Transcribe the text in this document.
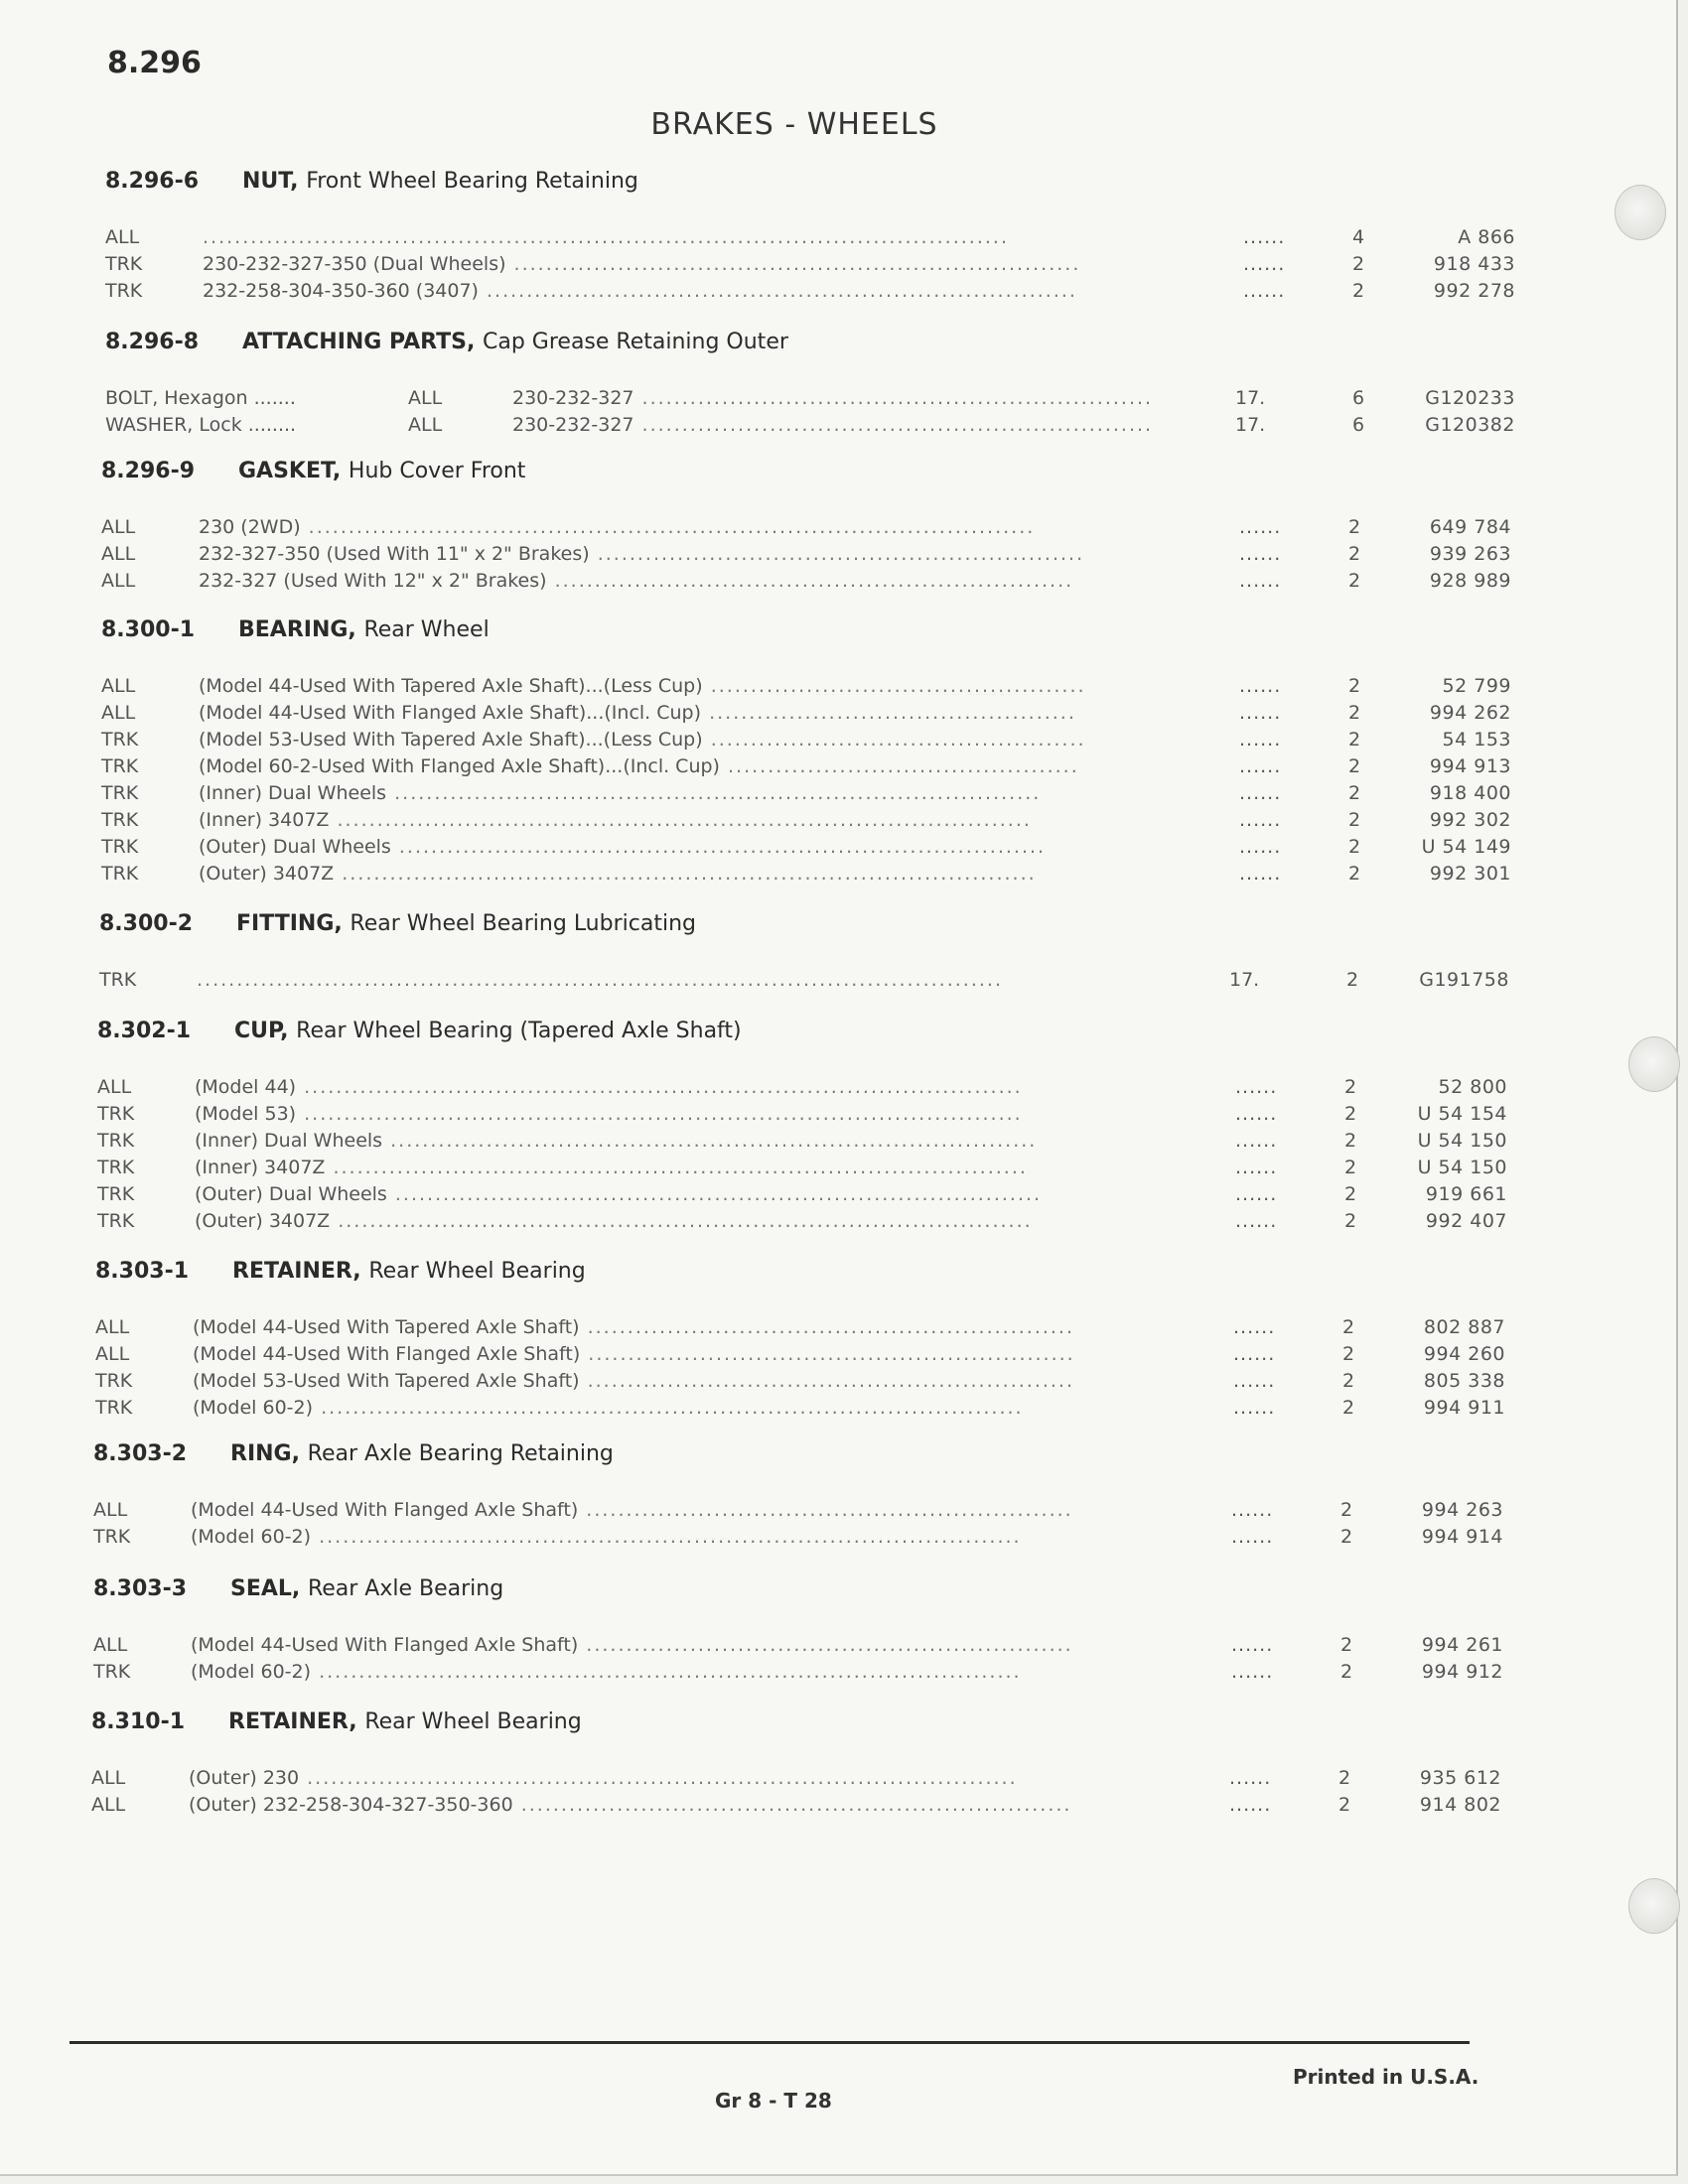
8.296
BRAKES - WHEELS
8.296-6 NUT, Front Wheel Bearing Retaining
ALL	.....................................................................................................	......	4	A 866
TRK	230-232-327-350 (Dual Wheels) .......................................................................	......	2	918 433
TRK	232-258-304-350-360 (3407) ..........................................................................	......	2	992 278
8.296-8 ATTACHING PARTS, Cap Grease Retaining Outer
BOLT, Hexagon .......	ALL	230-232-327 ................................................................	17.	6	G120233
WASHER, Lock ........	ALL	230-232-327 ................................................................	17.	6	G120382
8.296-9 GASKET, Hub Cover Front
ALL	230 (2WD) ...........................................................................................	......	2	649 784
ALL	232-327-350 (Used With 11" x 2" Brakes) .............................................................	......	2	939 263
ALL	232-327 (Used With 12" x 2" Brakes) .................................................................	......	2	928 989
8.300-1 BEARING, Rear Wheel
ALL	(Model 44-Used With Tapered Axle Shaft)...(Less Cup) ...............................................	......	2	52 799
ALL	(Model 44-Used With Flanged Axle Shaft)...(Incl. Cup) ..............................................	......	2	994 262
TRK	(Model 53-Used With Tapered Axle Shaft)...(Less Cup) ...............................................	......	2	54 153
TRK	(Model 60-2-Used With Flanged Axle Shaft)...(Incl. Cup) ............................................	......	2	994 913
TRK	(Inner) Dual Wheels .................................................................................	......	2	918 400
TRK	(Inner) 3407Z .......................................................................................	......	2	992 302
TRK	(Outer) Dual Wheels .................................................................................	......	2	U 54 149
TRK	(Outer) 3407Z .......................................................................................	......	2	992 301
8.300-2 FITTING, Rear Wheel Bearing Lubricating
TRK	.....................................................................................................	17.	2	G191758
8.302-1 CUP, Rear Wheel Bearing (Tapered Axle Shaft)
ALL	(Model 44) ..........................................................................................	......	2	52 800
TRK	(Model 53) ..........................................................................................	......	2	U 54 154
TRK	(Inner) Dual Wheels .................................................................................	......	2	U 54 150
TRK	(Inner) 3407Z .......................................................................................	......	2	U 54 150
TRK	(Outer) Dual Wheels .................................................................................	......	2	919 661
TRK	(Outer) 3407Z .......................................................................................	......	2	992 407
8.303-1 RETAINER, Rear Wheel Bearing
ALL	(Model 44-Used With Tapered Axle Shaft) .............................................................	......	2	802 887
ALL	(Model 44-Used With Flanged Axle Shaft) .............................................................	......	2	994 260
TRK	(Model 53-Used With Tapered Axle Shaft) .............................................................	......	2	805 338
TRK	(Model 60-2) ........................................................................................	......	2	994 911
8.303-2 RING, Rear Axle Bearing Retaining
ALL	(Model 44-Used With Flanged Axle Shaft) .............................................................	......	2	994 263
TRK	(Model 60-2) ........................................................................................	......	2	994 914
8.303-3 SEAL, Rear Axle Bearing
ALL	(Model 44-Used With Flanged Axle Shaft) .............................................................	......	2	994 261
TRK	(Model 60-2) ........................................................................................	......	2	994 912
8.310-1 RETAINER, Rear Wheel Bearing
ALL	(Outer) 230 .........................................................................................	......	2	935 612
ALL	(Outer) 232-258-304-327-350-360 .....................................................................	......	2	914 802
Printed in U.S.A.
Gr 8 - T 28
